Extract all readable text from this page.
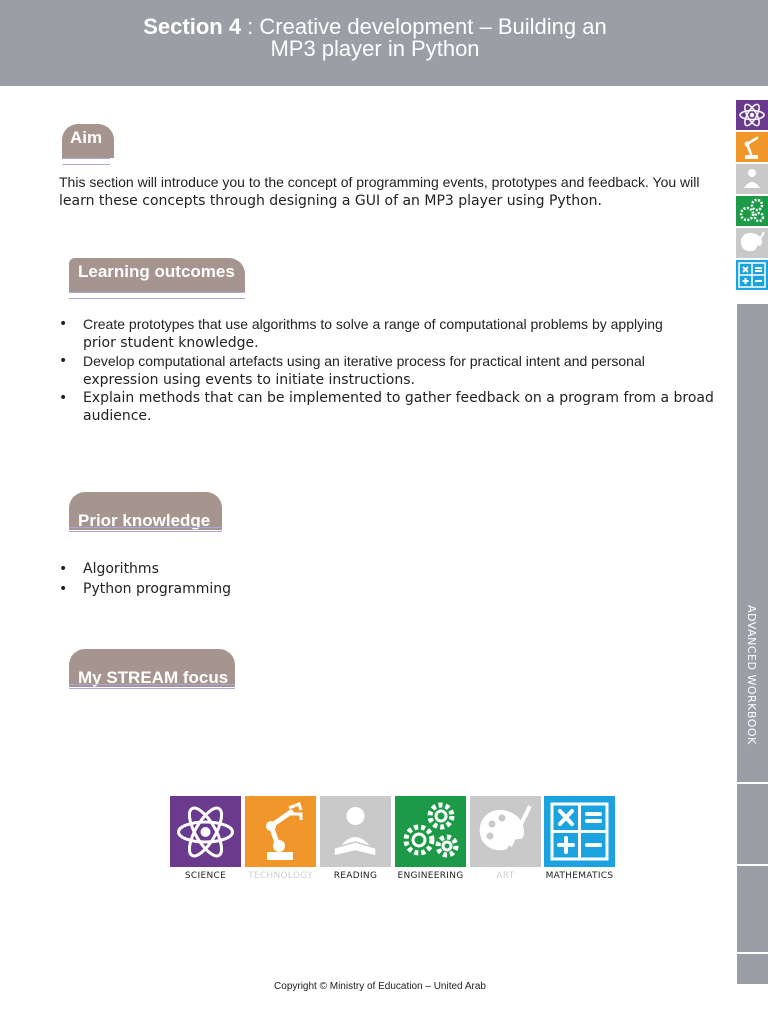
Section 4 : Creative development – Building an
MP3 player in Python
Aim
This section will introduce you to the concept of programming events, prototypes and feedback. You will
learn these concepts through designing a GUI of an MP3 player using Python.
Learning outcomes
• Create prototypes that use algorithms to solve a range of computational problems by applying
prior student knowledge.
• Develop computational artefacts using an iterative process for practical intent and personal
expression using events to initiate instructions.
• Explain methods that can be implemented to gather feedback on a program from a broad
audience.
Prior knowledge
• Algorithms
• Python programming
My STREAM focus
SCIENCE	TECHNOLOGY	READING	ENGINEERING	ART	MATHEMATICS
ADVANCED WORKBOOK
Copyright © Ministry of Education – United Arab
